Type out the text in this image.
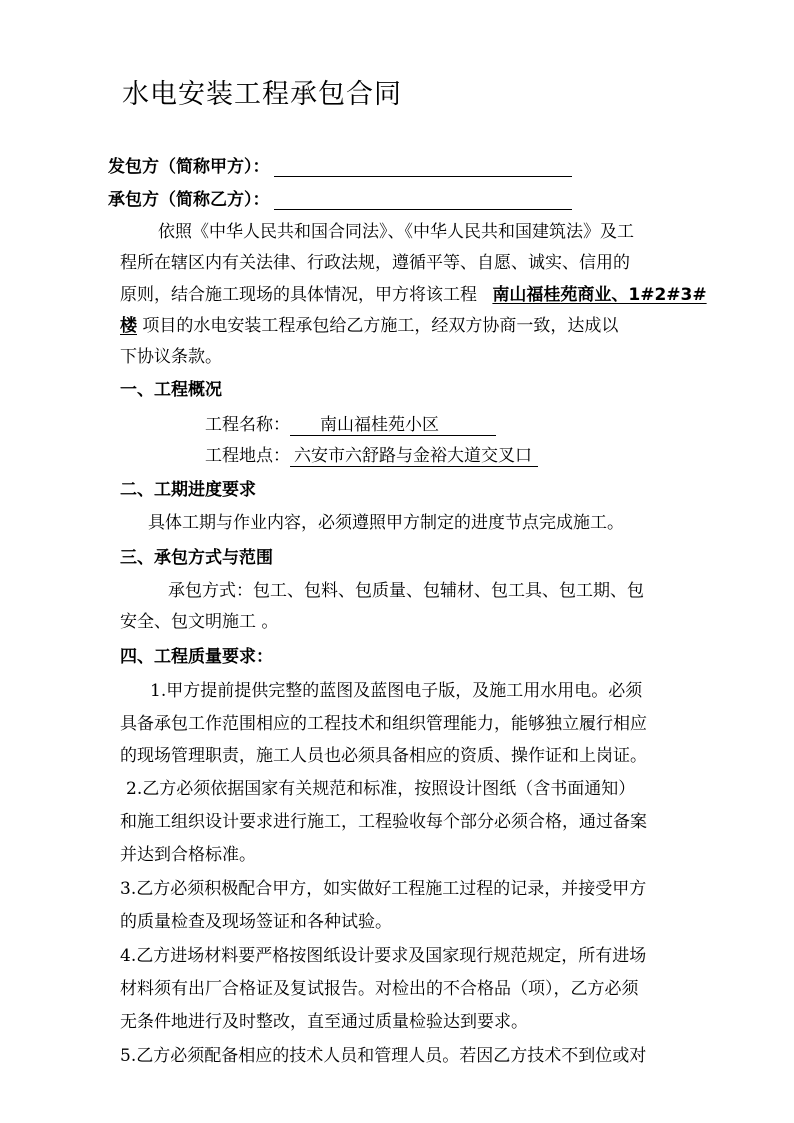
水电安装工程承包合同
发包方（简称甲方）：
承包方（简称乙方）：
依照《中华人民共和国合同法》、《中华人民共和国建筑法》及工
程所在辖区内有关法律、行政法规，遵循平等、自愿、诚实、信用的
原则，结合施工现场的具体情况，甲方将该工程 南山福桂苑商业、1#2#3#
楼 项目的水电安装工程承包给乙方施工，经双方协商一致，达成以
下协议条款。
一、工程概况
工程名称： 南山福桂苑小区
工程地点： 六安市六舒路与金裕大道交叉口
二、工期进度要求
具体工期与作业内容，必须遵照甲方制定的进度节点完成施工。
三、承包方式与范围
承包方式：包工、包料、包质量、包辅材、包工具、包工期、包
安全、包文明施工 。
四、工程质量要求：
1.甲方提前提供完整的蓝图及蓝图电子版，及施工用水用电。必须
具备承包工作范围相应的工程技术和组织管理能力，能够独立履行相应
的现场管理职责，施工人员也必须具备相应的资质、操作证和上岗证。
2.乙方必须依据国家有关规范和标准，按照设计图纸（含书面通知）
和施工组织设计要求进行施工，工程验收每个部分必须合格，通过备案
并达到合格标准。
3.乙方必须积极配合甲方，如实做好工程施工过程的记录，并接受甲方
的质量检查及现场签证和各种试验。
4.乙方进场材料要严格按图纸设计要求及国家现行规范规定，所有进场
材料须有出厂合格证及复试报告。对检出的不合格品（项），乙方必须
无条件地进行及时整改，直至通过质量检验达到要求。
5.乙方必须配备相应的技术人员和管理人员。若因乙方技术不到位或对
